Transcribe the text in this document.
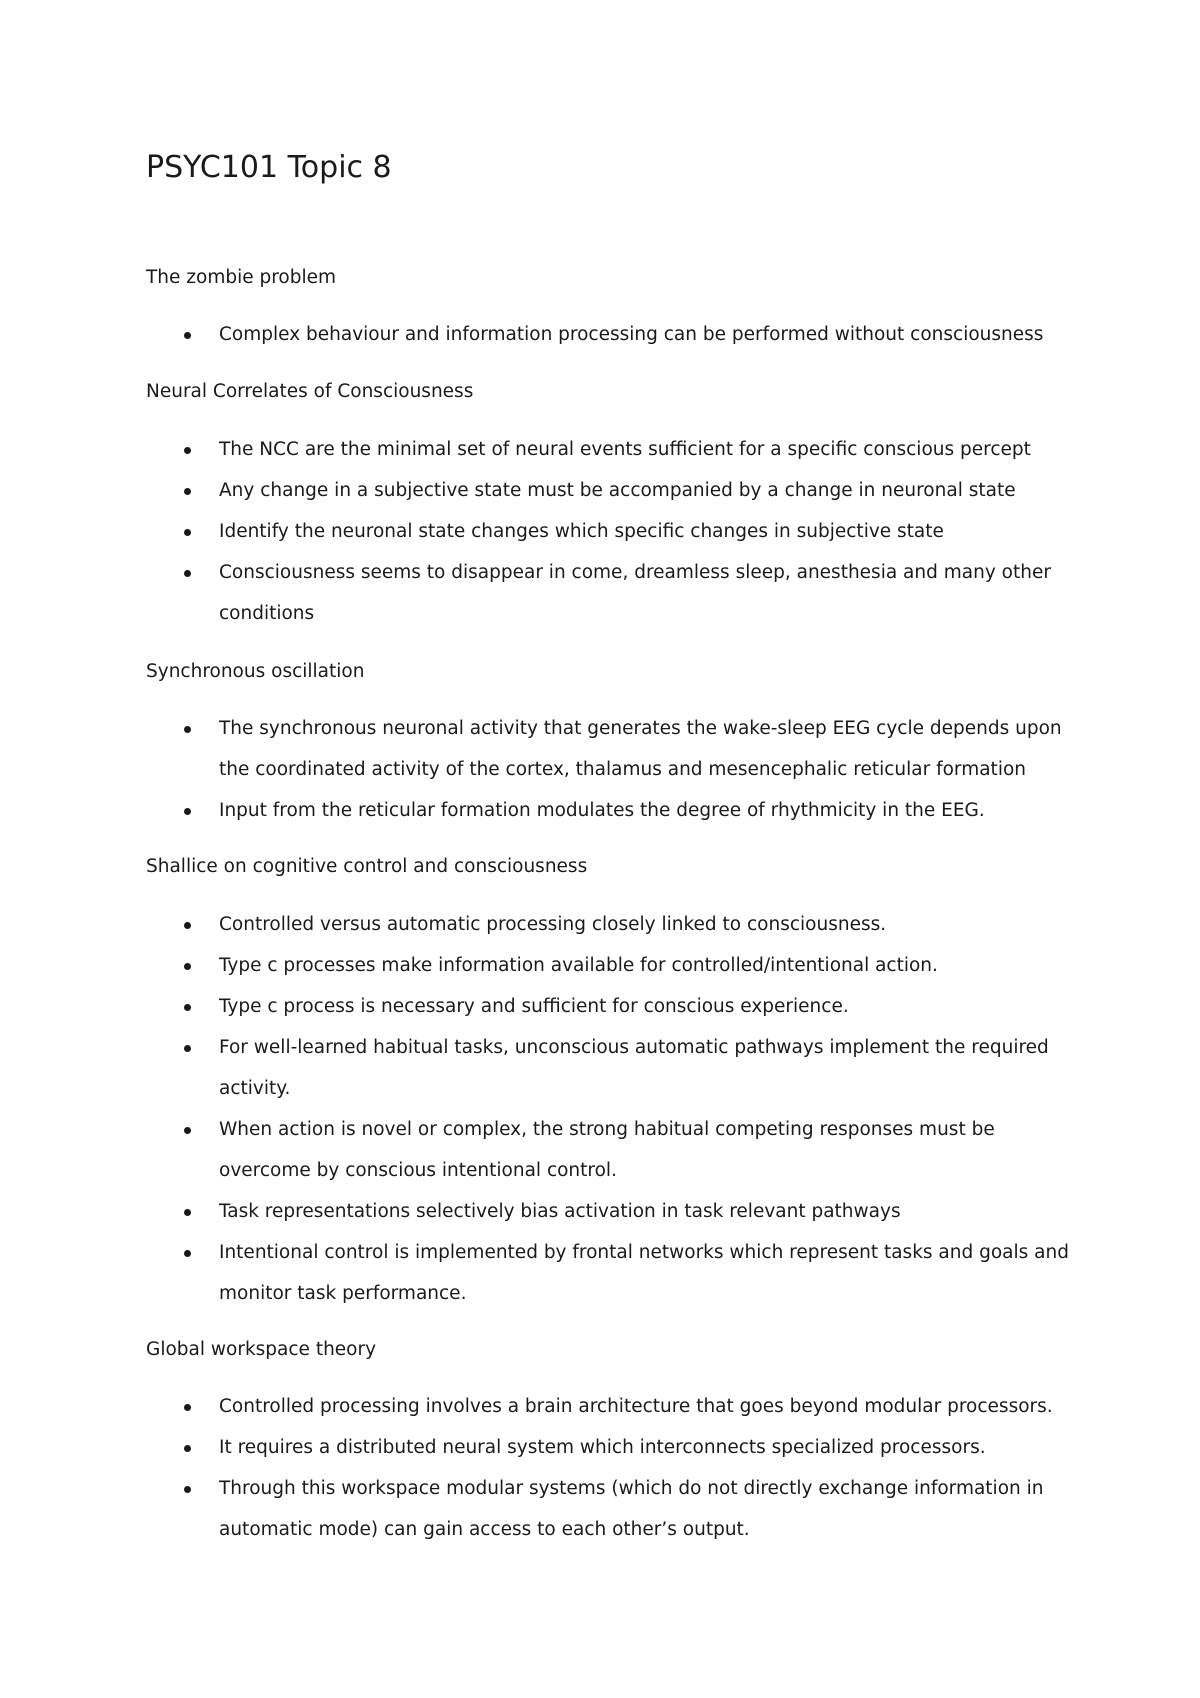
PSYC101 Topic 8
The zombie problem

Complex behaviour and information processing can be performed without consciousness

Neural Correlates of Consciousness

The NCC are the minimal set of neural events sufficient for a specific conscious percept

Any change in a subjective state must be accompanied by a change in neuronal state

Identify the neuronal state changes which specific changes in subjective state

Consciousness seems to disappear in come, dreamless sleep, anesthesia and many other

conditions

Synchronous oscillation

The synchronous neuronal activity that generates the wake-sleep EEG cycle depends upon

the coordinated activity of the cortex, thalamus and mesencephalic reticular formation

Input from the reticular formation modulates the degree of rhythmicity in the EEG.

Shallice on cognitive control and consciousness

Controlled versus automatic processing closely linked to consciousness.

Type c processes make information available for controlled/intentional action.

Type c process is necessary and sufficient for conscious experience.

For well-learned habitual tasks, unconscious automatic pathways implement the required

activity.

When action is novel or complex, the strong habitual competing responses must be

overcome by conscious intentional control.

Task representations selectively bias activation in task relevant pathways

Intentional control is implemented by frontal networks which represent tasks and goals and

monitor task performance.

Global workspace theory

Controlled processing involves a brain architecture that goes beyond modular processors.

It requires a distributed neural system which interconnects specialized processors.

Through this workspace modular systems (which do not directly exchange information in

automatic mode) can gain access to each other’s output.
